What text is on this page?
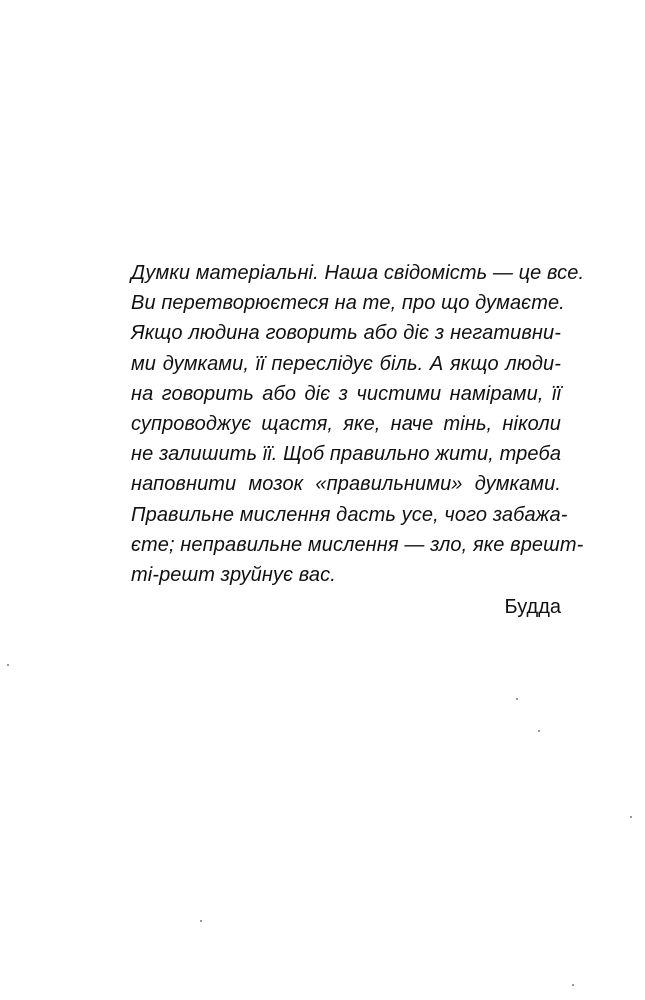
Думки матеріальні. Наша свідомість — це все.
Ви перетворюєтеся на те, про що думаєте.
Якщо людина говорить або діє з негативни-
ми думками, її переслідує біль. А якщо люди-
на говорить або діє з чистими намірами, її
супроводжує щастя, яке, наче тінь, ніколи
не залишить її. Щоб правильно жити, треба
наповнити мозок «правильними» думками.
Правильне мислення дасть усе, чого забажа-
єте; неправильне мислення — зло, яке врешт-
ті-решт зруйнує вас.
Будда
